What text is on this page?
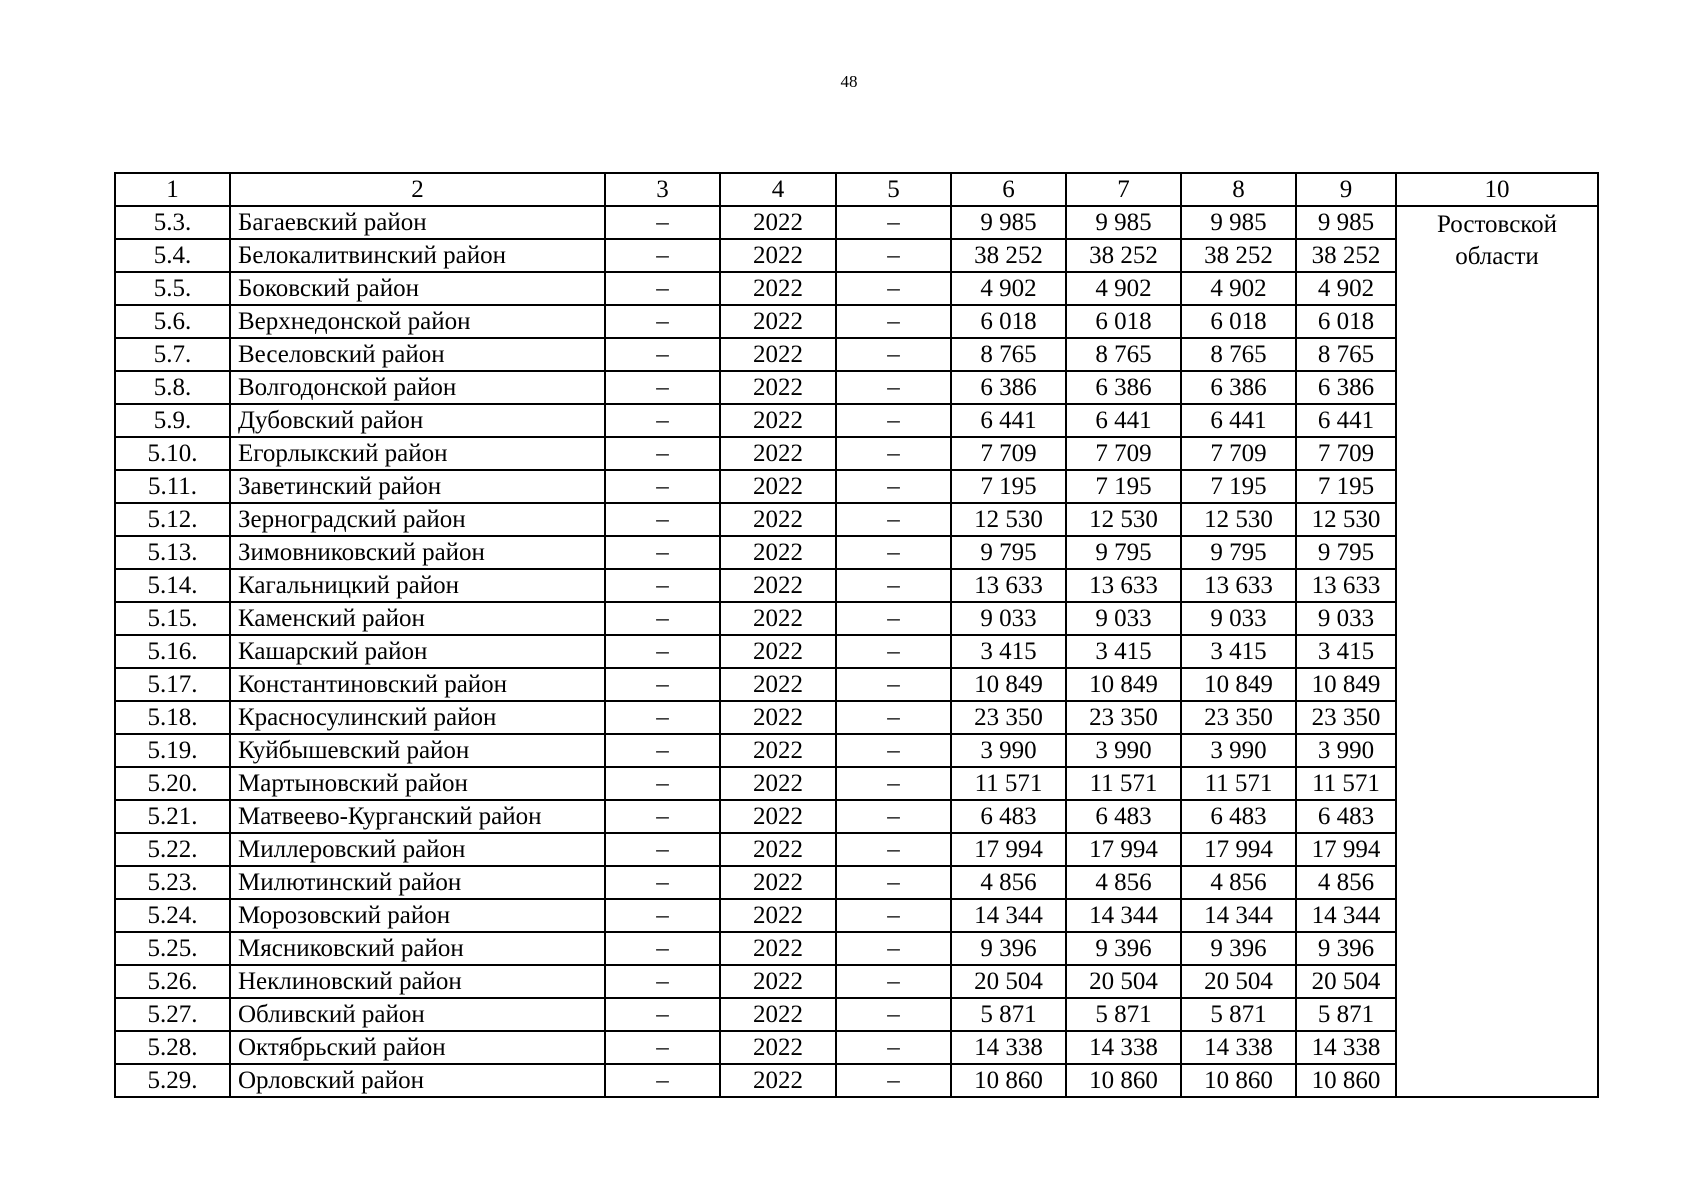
48
1	2	3	4	5	6	7	8	9	10
5.3.	Багаевский район	–	2022	–	9 985	9 985	9 985	9 985	Ростовской
области

5.4.	Белокалитвинский район	–	2022	–	38 252	38 252	38 252	38 252	
5.5.	Боковский район	–	2022	–	4 902	4 902	4 902	4 902	
5.6.	Верхнедонской район	–	2022	–	6 018	6 018	6 018	6 018	
5.7.	Веселовский район	–	2022	–	8 765	8 765	8 765	8 765	
5.8.	Волгодонской район	–	2022	–	6 386	6 386	6 386	6 386	
5.9.	Дубовский район	–	2022	–	6 441	6 441	6 441	6 441	
5.10.	Егорлыкский район	–	2022	–	7 709	7 709	7 709	7 709	
5.11.	Заветинский район	–	2022	–	7 195	7 195	7 195	7 195	
5.12.	Зерноградский район	–	2022	–	12 530	12 530	12 530	12 530	
5.13.	Зимовниковский район	–	2022	–	9 795	9 795	9 795	9 795	
5.14.	Кагальницкий район	–	2022	–	13 633	13 633	13 633	13 633	
5.15.	Каменский район	–	2022	–	9 033	9 033	9 033	9 033	
5.16.	Кашарский район	–	2022	–	3 415	3 415	3 415	3 415	
5.17.	Константиновский район	–	2022	–	10 849	10 849	10 849	10 849	
5.18.	Красносулинский район	–	2022	–	23 350	23 350	23 350	23 350	
5.19.	Куйбышевский район	–	2022	–	3 990	3 990	3 990	3 990	
5.20.	Мартыновский район	–	2022	–	11 571	11 571	11 571	11 571	
5.21.	Матвеево-Курганский район	–	2022	–	6 483	6 483	6 483	6 483	
5.22.	Миллеровский район	–	2022	–	17 994	17 994	17 994	17 994	
5.23.	Милютинский район	–	2022	–	4 856	4 856	4 856	4 856	
5.24.	Морозовский район	–	2022	–	14 344	14 344	14 344	14 344	
5.25.	Мясниковский район	–	2022	–	9 396	9 396	9 396	9 396	
5.26.	Неклиновский район	–	2022	–	20 504	20 504	20 504	20 504	
5.27.	Обливский район	–	2022	–	5 871	5 871	5 871	5 871	
5.28.	Октябрьский район	–	2022	–	14 338	14 338	14 338	14 338	
5.29.	Орловский район	–	2022	–	10 860	10 860	10 860	10 860	
